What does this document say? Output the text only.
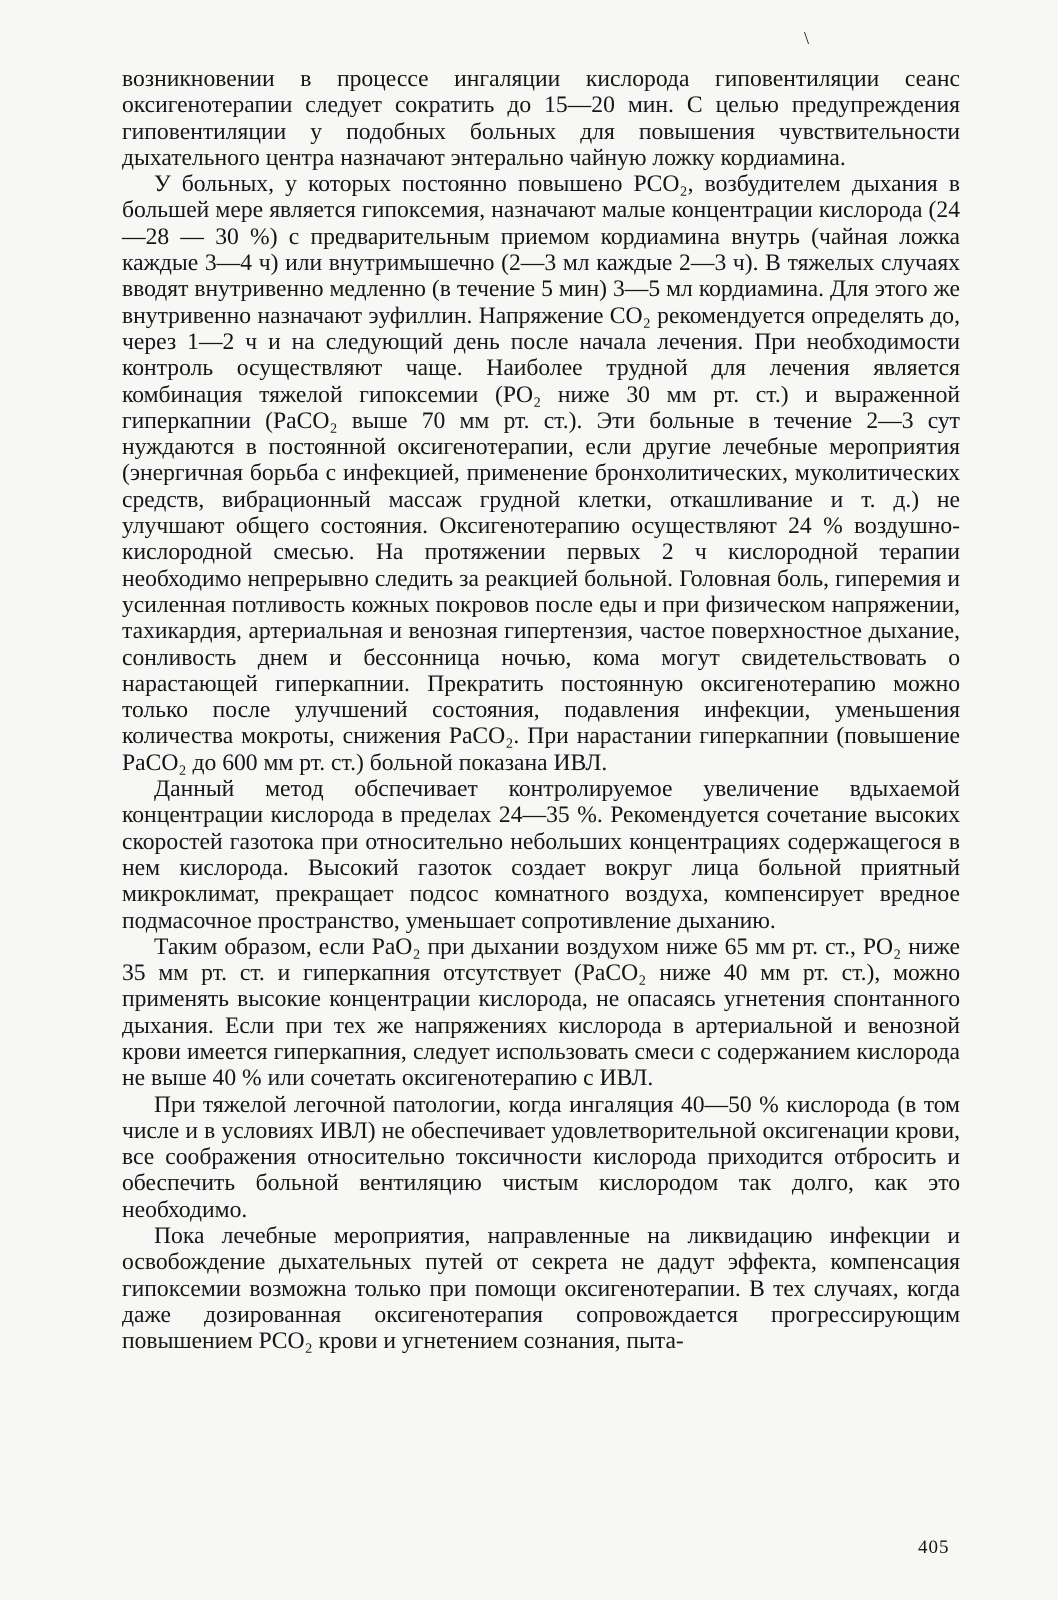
\

возникновении в процессе ингаляции кислорода гиповентиляции сеанс оксигенотерапии следует сократить до 15—20 мин. С целью предупреждения гиповентиляции у подобных больных для повышения чувствительности дыхательного центра назначают энтерально чайную ложку кордиамина.

У больных, у которых постоянно повышено PCO₂, возбудителем дыхания в большей мере является гипоксемия, назначают малые концентрации кислорода (24—28 — 30 %) с предварительным приемом кордиамина внутрь (чайная ложка каждые 3—4 ч) или внутримышечно (2—3 мл каждые 2—3 ч). В тяжелых случаях вводят внутривенно медленно (в течение 5 мин) 3—5 мл кордиамина. Для этого же внутривенно назначают эуфиллин. Напряжение CO₂ рекомендуется определять до, через 1—2 ч и на следующий день после начала лечения. При необходимости контроль осуществляют чаще. Наиболее трудной для лечения является комбинация тяжелой гипоксемии (PO₂ ниже 30 мм рт. ст.) и выраженной гиперкапнии (PaCO₂ выше 70 мм рт. ст.). Эти больные в течение 2—3 сут нуждаются в постоянной оксигенотерапии, если другие лечебные мероприятия (энергичная борьба с инфекцией, применение бронхолитических, муколитических средств, вибрационный массаж грудной клетки, откашливание и т. д.) не улучшают общего состояния. Оксигенотерапию осуществляют 24 % воздушно-кислородной смесью. На протяжении первых 2 ч кислородной терапии необходимо непрерывно следить за реакцией больной. Головная боль, гиперемия и усиленная потливость кожных покровов после еды и при физическом напряжении, тахикардия, артериальная и венозная гипертензия, частое поверхностное дыхание, сонливость днем и бессонница ночью, кома могут свидетельствовать о нарастающей гиперкапнии. Прекратить постоянную оксигенотерапию можно только после улучшений состояния, подавления инфекции, уменьшения количества мокроты, снижения PaCO₂. При нарастании гиперкапнии (повышение PaCO₂ до 600 мм рт. ст.) больной показана ИВЛ.

Данный метод обспечивает контролируемое увеличение вдыхаемой концентрации кислорода в пределах 24—35 %. Рекомендуется сочетание высоких скоростей газотока при относительно небольших концентрациях содержащегося в нем кислорода. Высокий газоток создает вокруг лица больной приятный микроклимат, прекращает подсос комнатного воздуха, компенсирует вредное подмасочное пространство, уменьшает сопротивление дыханию.

Таким образом, если PaO₂ при дыхании воздухом ниже 65 мм рт. ст., PO₂ ниже 35 мм рт. ст. и гиперкапния отсутствует (PaCO₂ ниже 40 мм рт. ст.), можно применять высокие концентрации кислорода, не опасаясь угнетения спонтанного дыхания. Если при тех же напряжениях кислорода в артериальной и венозной крови имеется гиперкапния, следует использовать смеси с содержанием кислорода не выше 40 % или сочетать оксигенотерапию с ИВЛ.

При тяжелой легочной патологии, когда ингаляция 40—50 % кислорода (в том числе и в условиях ИВЛ) не обеспечивает удовлетворительной оксигенации крови, все соображения относительно токсичности кислорода приходится отбросить и обеспечить больной вентиляцию чистым кислородом так долго, как это необходимо.

Пока лечебные мероприятия, направленные на ликвидацию инфекции и освобождение дыхательных путей от секрета не дадут эффекта, компенсация гипоксемии возможна только при помощи оксигенотерапии. В тех случаях, когда даже дозированная оксигенотерапия сопровождается прогрессирующим повышением PCO₂ крови и угнетением сознания, пыта-

405
